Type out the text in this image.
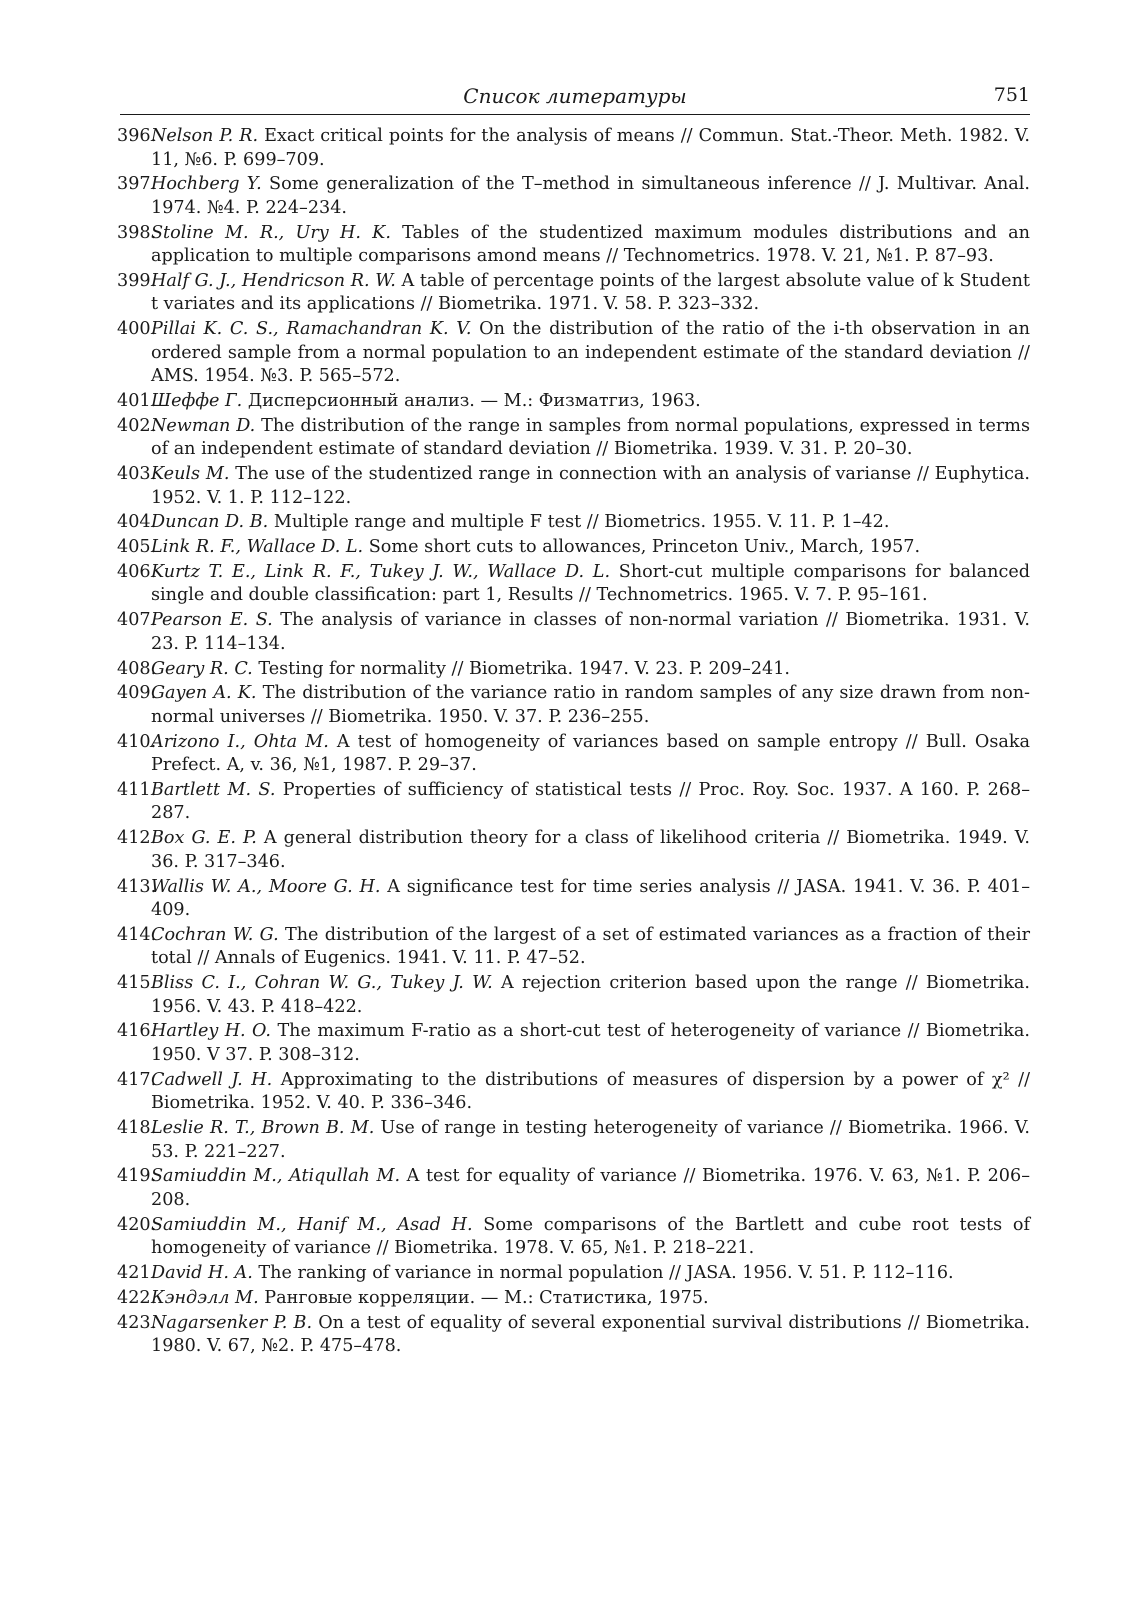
Список литературы	751
396.
Nelson P. R. Exact critical points for the analysis of means // Commun. Stat.-Theor. Meth. 1982. V. 11, №6. P. 699–709.
397.
Hochberg Y. Some generalization of the T–method in simultaneous inference // J. Multivar. Anal. 1974. №4. P. 224–234.
398.
Stoline M. R., Ury H. K. Tables of the studentized maximum modules distributions and an application to multiple comparisons amond means // Technometrics. 1978. V. 21, №1. P. 87–93.
399.
Half G. J., Hendricson R. W. A table of percentage points of the largest absolute value of k Student t variates and its applications // Biometrika. 1971. V. 58. P. 323–332.
400.
Pillai K. C. S., Ramachandran K. V. On the distribution of the ratio of the i-th observation in an ordered sample from a normal population to an independent estimate of the standard deviation // AMS. 1954. №3. P. 565–572.
401.
Шеффе Г. Дисперсионный анализ. — М.: Физматгиз, 1963.
402.
Newman D. The distribution of the range in samples from normal populations, expressed in terms of an independent estimate of standard deviation // Biometrika. 1939. V. 31. P. 20–30.
403.
Keuls M. The use of the studentized range in connection with an analysis of varianse // Euphytica. 1952. V. 1. P. 112–122.
404.
Duncan D. B. Multiple range and multiple F test // Biometrics. 1955. V. 11. P. 1–42.
405.
Link R. F., Wallace D. L. Some short cuts to allowances, Princeton Univ., March, 1957.
406.
Kurtz T. E., Link R. F., Tukey J. W., Wallace D. L. Short-cut multiple comparisons for balanced single and double classification: part 1, Results // Technometrics. 1965. V. 7. P. 95–161.
407.
Pearson E. S. The analysis of variance in classes of non-normal variation // Biometrika. 1931. V. 23. P. 114–134.
408.
Geary R. C. Testing for normality // Biometrika. 1947. V. 23. P. 209–241.
409.
Gayen A. K. The distribution of the variance ratio in random samples of any size drawn from non-normal universes // Biometrika. 1950. V. 37. P. 236–255.
410.
Arizono I., Ohta M. A test of homogeneity of variances based on sample entropy // Bull. Osaka Prefect. A, v. 36, №1, 1987. P. 29–37.
411.
Bartlett M. S. Properties of sufficiency of statistical tests // Proc. Roy. Soc. 1937. A 160. P. 268–287.
412.
Box G. E. P. A general distribution theory for a class of likelihood criteria // Biometrika. 1949. V. 36. P. 317–346.
413.
Wallis W. A., Moore G. H. A significance test for time series analysis // JASA. 1941. V. 36. P. 401–409.
414.
Cochran W. G. The distribution of the largest of a set of estimated variances as a fraction of their total // Annals of Eugenics. 1941. V. 11. P. 47–52.
415.
Bliss C. I., Cohran W. G., Tukey J. W. A rejection criterion based upon the range // Biometrika. 1956. V. 43. P. 418–422.
416.
Hartley H. O. The maximum F-ratio as a short-cut test of heterogeneity of variance // Biometrika. 1950. V 37. P. 308–312.
417.
Cadwell J. H. Approximating to the distributions of measures of dispersion by a power of χ² // Biometrika. 1952. V. 40. P. 336–346.
418.
Leslie R. T., Brown B. M. Use of range in testing heterogeneity of variance // Biometrika. 1966. V. 53. P. 221–227.
419.
Samiuddin M., Atiqullah M. A test for equality of variance // Biometrika. 1976. V. 63, №1. P. 206–208.
420.
Samiuddin M., Hanif M., Asad H. Some comparisons of the Bartlett and cube root tests of homogeneity of variance // Biometrika. 1978. V. 65, №1. P. 218–221.
421.
David H. A. The ranking of variance in normal population // JASA. 1956. V. 51. P. 112–116.
422.
Кэндэлл М. Ранговые корреляции. — М.: Статистика, 1975.
423.
Nagarsenker P. B. On a test of equality of several exponential survival distributions // Biometrika. 1980. V. 67, №2. P. 475–478.
